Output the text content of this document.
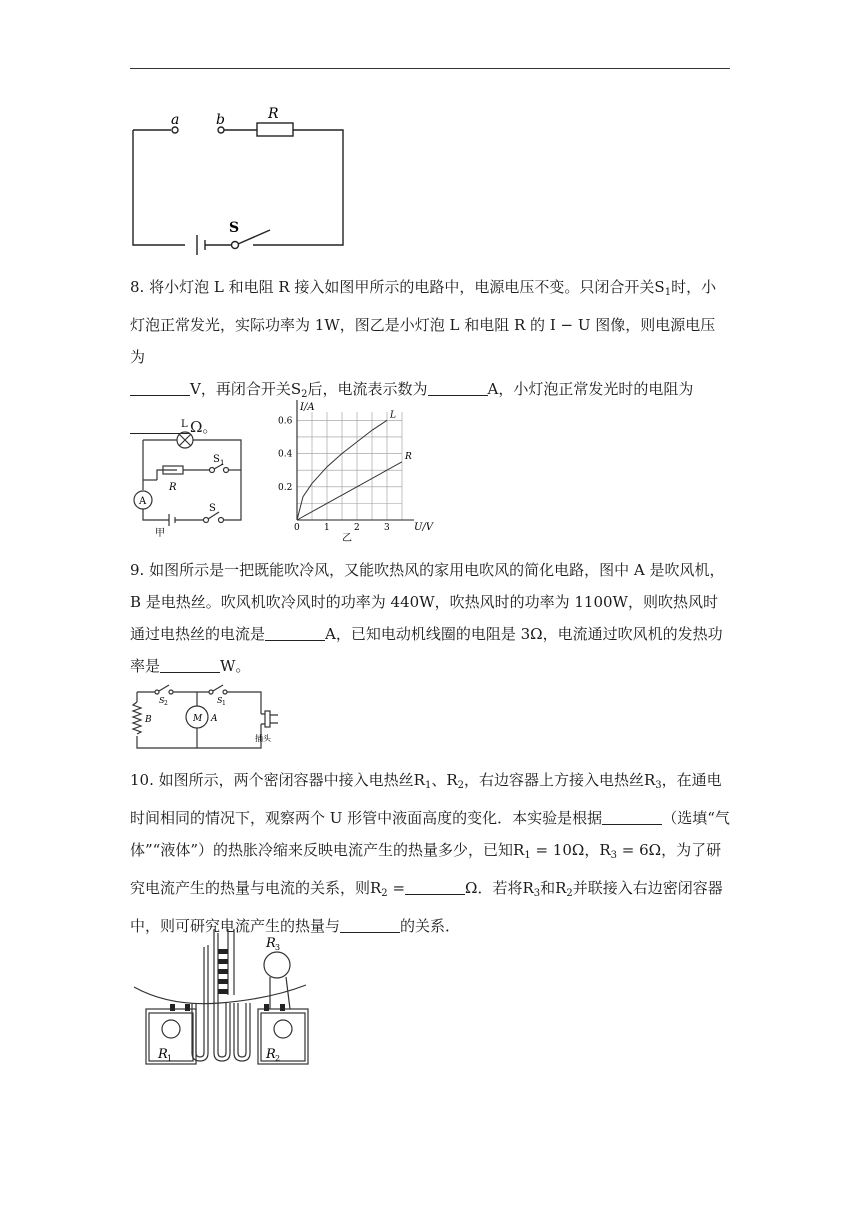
a	b	R
S

8. 将小灯泡 L 和电阻 R 接入如图甲所示的电路中，电源电压不变。只闭合开关$S_1$时，小灯泡正常发光，实际功率为 1W，图乙是小灯泡 L 和电阻 R 的 I − U 图像，则电源电压为
V，再闭合开关$S_2$后，电流表示数为	A，小灯泡正常发光时的电阻为
Ω。

L
R
S 1
S
A
甲	0	1	2	3
0.2
0.4
0.6
L
R
I/A
U/V
乙

9. 如图所示是一把既能吹冷风，又能吹热风的家用电吹风的简化电路，图中 A 是吹风机，B 是电热丝。吹风机吹冷风时的功率为 440W，吹热风时的功率为 1100W，则吹热风时通过电热丝的电流是	A，已知电动机线圈的电阻是 3Ω，电流通过吹风机的发热功率是	W。

S 2	S 1
B	M A
插头

10. 如图所示，两个密闭容器中接入电热丝$R_1$、$R_2$，右边容器上方接入电热丝$R_3$，在通电时间相同的情况下，观察两个 U 形管中液面高度的变化．本实验是根据	（选填“气体”“液体”）的热胀冷缩来反映电流产生的热量多少，已知$R_1 = 10\Omega$，$R_3 = 6\Omega$，为了研究电流产生的热量与电流的关系，则$R_2$ =	Ω．若将$R_3$和$R_2$并联接入右边密闭容器中，则可研究电流产生的热量与	的关系．

R 1	R 2
R 3
